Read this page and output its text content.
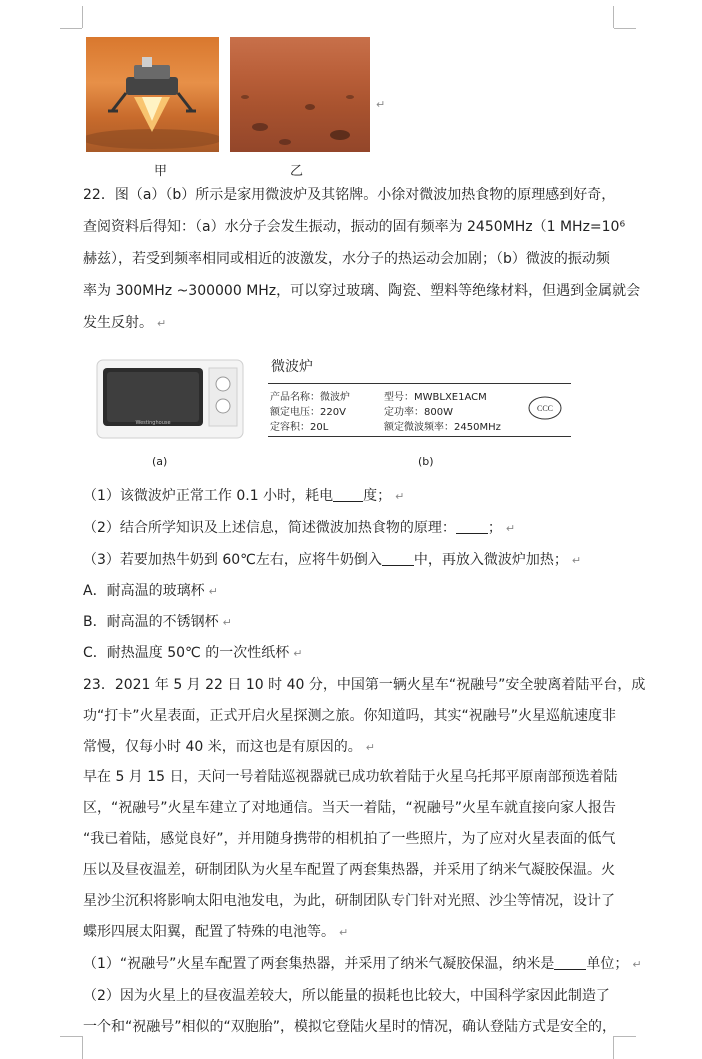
甲	乙
↵
22．图（a）（b）所示是家用微波炉及其铭牌。小徐对微波加热食物的原理感到好奇，
查阅资料后得知：（a）水分子会发生振动，振动的固有频率为 2450MHz（1 MHz=10⁶
赫兹），若受到频率相同或相近的波激发，水分子的热运动会加剧；（b）微波的振动频
率为 300MHz ~300000 MHz，可以穿过玻璃、陶瓷、塑料等绝缘材料，但遇到金属就会
发生反射。 ↵
Westinghouse
(a)
微波炉
产品名称：微波炉	型号：MWBLXE1ACM
额定电压：220V	定功率：800W
定容积：20L	额定微波频率：2450MHz
CCC
(b)
（1）该微波炉正常工作 0.1 小时，耗电 度； ↵
（2）结合所学知识及上述信息，简述微波加热食物的原理： ； ↵
（3）若要加热牛奶到 60℃左右，应将牛奶倒入 中，再放入微波炉加热； ↵
A．耐高温的玻璃杯 ↵
B．耐高温的不锈钢杯 ↵
C．耐热温度 50℃ 的一次性纸杯 ↵
23．2021 年 5 月 22 日 10 时 40 分，中国第一辆火星车“祝融号”安全驶离着陆平台，成
功“打卡”火星表面，正式开启火星探测之旅。你知道吗，其实“祝融号”火星巡航速度非
常慢，仅每小时 40 米，而这也是有原因的。 ↵
早在 5 月 15 日，天问一号着陆巡视器就已成功软着陆于火星乌托邦平原南部预选着陆
区，“祝融号”火星车建立了对地通信。当天一着陆，“祝融号”火星车就直接向家人报告
“我已着陆，感觉良好”，并用随身携带的相机拍了一些照片，为了应对火星表面的低气
压以及昼夜温差，研制团队为火星车配置了两套集热器，并采用了纳米气凝胶保温。火
星沙尘沉积将影响太阳电池发电，为此，研制团队专门针对光照、沙尘等情况，设计了
蝶形四展太阳翼，配置了特殊的电池等。 ↵
（1）“祝融号”火星车配置了两套集热器，并采用了纳米气凝胶保温，纳米是 单位； ↵
（2）因为火星上的昼夜温差较大，所以能量的损耗也比较大，中国科学家因此制造了
一个和“祝融号”相似的“双胞胎”，模拟它登陆火星时的情况，确认登陆方式是安全的，
